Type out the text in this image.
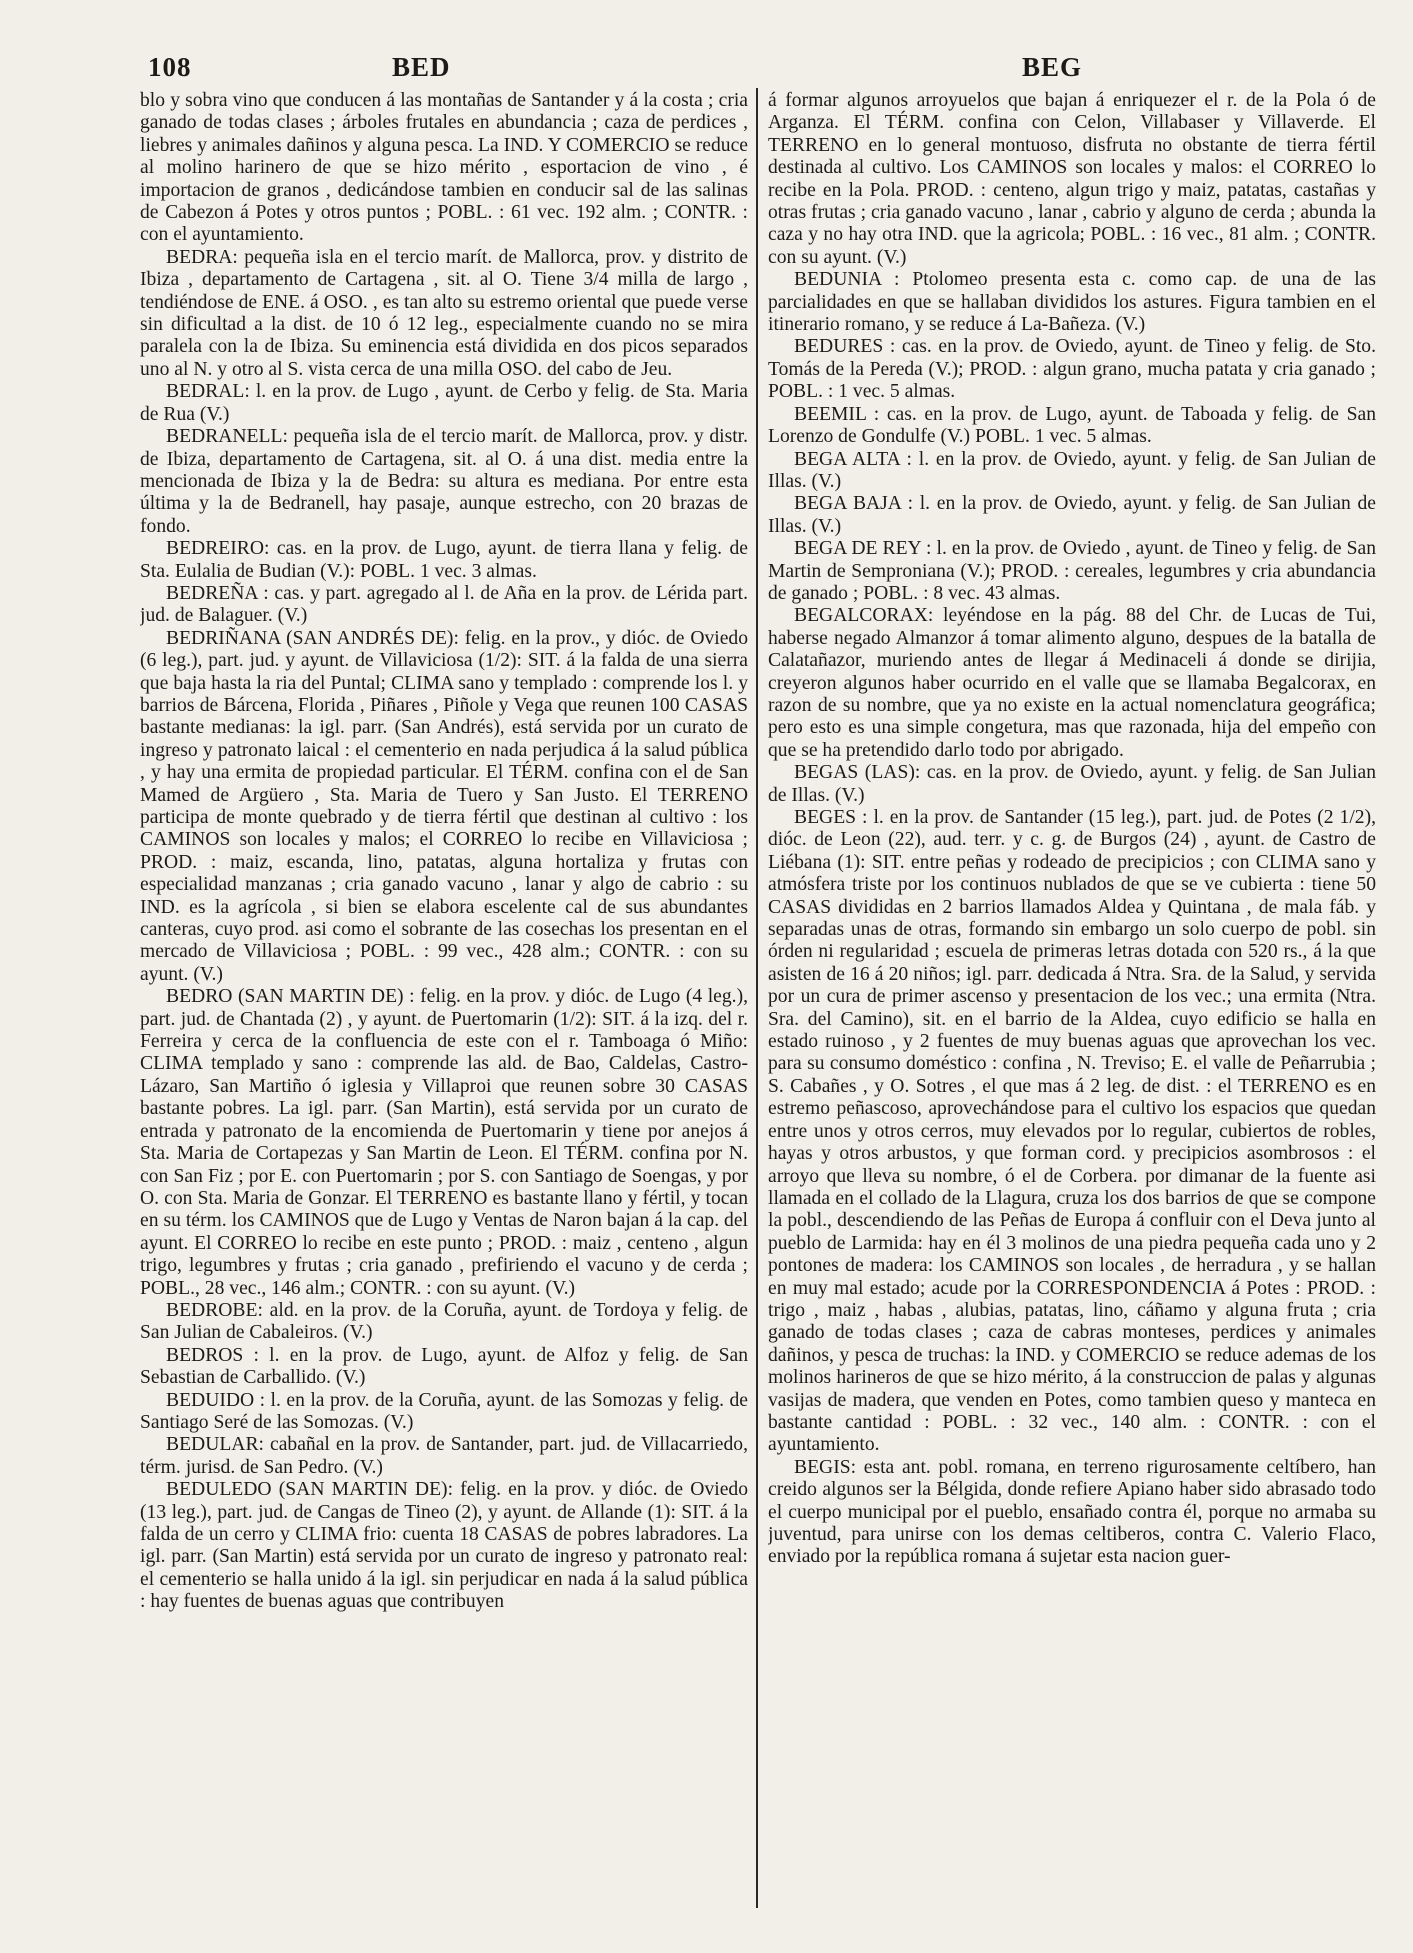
108	BED	BEG

blo y sobra vino que conducen á las montañas de Santander y á la costa ; cria ganado de todas clases ; árboles frutales en abundancia ; caza de perdices , liebres y animales dañinos y alguna pesca. La IND. Y COMERCIO se reduce al molino harinero de que se hizo mérito , esportacion de vino , é importacion de granos , dedicándose tambien en conducir sal de las salinas de Cabezon á Potes y otros puntos ; POBL. : 61 vec. 192 alm. ; CONTR. : con el ayuntamiento.

BEDRA: pequeña isla en el tercio marít. de Mallorca, prov. y distrito de Ibiza , departamento de Cartagena , sit. al O. Tiene 3/4 milla de largo , tendiéndose de ENE. á OSO. , es tan alto su estremo oriental que puede verse sin dificultad a la dist. de 10 ó 12 leg., especialmente cuando no se mira paralela con la de Ibiza. Su eminencia está dividida en dos picos separados uno al N. y otro al S. vista cerca de una milla OSO. del cabo de Jeu.

BEDRAL: l. en la prov. de Lugo , ayunt. de Cerbo y felig. de Sta. Maria de Rua (V.)

BEDRANELL: pequeña isla de el tercio marít. de Mallorca, prov. y distr. de Ibiza, departamento de Cartagena, sit. al O. á una dist. media entre la mencionada de Ibiza y la de Bedra: su altura es mediana. Por entre esta última y la de Bedranell, hay pasaje, aunque estrecho, con 20 brazas de fondo.

BEDREIRO: cas. en la prov. de Lugo, ayunt. de tierra llana y felig. de Sta. Eulalia de Budian (V.): POBL. 1 vec. 3 almas.

BEDREÑA : cas. y part. agregado al l. de Aña en la prov. de Lérida part. jud. de Balaguer. (V.)

BEDRIÑANA (SAN ANDRÉS DE): felig. en la prov., y dióc. de Oviedo (6 leg.), part. jud. y ayunt. de Villaviciosa (1/2): SIT. á la falda de una sierra que baja hasta la ria del Puntal; CLIMA sano y templado : comprende los l. y barrios de Bárcena, Florida , Piñares , Piñole y Vega que reunen 100 CASAS bastante medianas: la igl. parr. (San Andrés), está servida por un curato de ingreso y patronato laical : el cementerio en nada perjudica á la salud pública , y hay una ermita de propiedad particular. El TÉRM. confina con el de San Mamed de Argüero , Sta. Maria de Tuero y San Justo. El TERRENO participa de monte quebrado y de tierra fértil que destinan al cultivo : los CAMINOS son locales y malos; el CORREO lo recibe en Villaviciosa ; PROD. : maiz, escanda, lino, patatas, alguna hortaliza y frutas con especialidad manzanas ; cria ganado vacuno , lanar y algo de cabrio : su IND. es la agrícola , si bien se elabora escelente cal de sus abundantes canteras, cuyo prod. asi como el sobrante de las cosechas los presentan en el mercado de Villaviciosa ; POBL. : 99 vec., 428 alm.; CONTR. : con su ayunt. (V.)

BEDRO (SAN MARTIN DE) : felig. en la prov. y dióc. de Lugo (4 leg.), part. jud. de Chantada (2) , y ayunt. de Puertomarin (1/2): SIT. á la izq. del r. Ferreira y cerca de la confluencia de este con el r. Tamboaga ó Miño: CLIMA templado y sano : comprende las ald. de Bao, Caldelas, Castro-Lázaro, San Martiño ó iglesia y Villaproi que reunen sobre 30 CASAS bastante pobres. La igl. parr. (San Martin), está servida por un curato de entrada y patronato de la encomienda de Puertomarin y tiene por anejos á Sta. Maria de Cortapezas y San Martin de Leon. El TÉRM. confina por N. con San Fiz ; por E. con Puertomarin ; por S. con Santiago de Soengas, y por O. con Sta. Maria de Gonzar. El TERRENO es bastante llano y fértil, y tocan en su térm. los CAMINOS que de Lugo y Ventas de Naron bajan á la cap. del ayunt. El CORREO lo recibe en este punto ; PROD. : maiz , centeno , algun trigo, legumbres y frutas ; cria ganado , prefiriendo el vacuno y de cerda ; POBL., 28 vec., 146 alm.; CONTR. : con su ayunt. (V.)

BEDROBE: ald. en la prov. de la Coruña, ayunt. de Tordoya y felig. de San Julian de Cabaleiros. (V.)

BEDROS : l. en la prov. de Lugo, ayunt. de Alfoz y felig. de San Sebastian de Carballido. (V.)

BEDUIDO : l. en la prov. de la Coruña, ayunt. de las Somozas y felig. de Santiago Seré de las Somozas. (V.)

BEDULAR: cabañal en la prov. de Santander, part. jud. de Villacarriedo, térm. jurisd. de San Pedro. (V.)

BEDULEDO (SAN MARTIN DE): felig. en la prov. y dióc. de Oviedo (13 leg.), part. jud. de Cangas de Tineo (2), y ayunt. de Allande (1): SIT. á la falda de un cerro y CLIMA frio: cuenta 18 CASAS de pobres labradores. La igl. parr. (San Martin) está servida por un curato de ingreso y patronato real: el cementerio se halla unido á la igl. sin perjudicar en nada á la salud pública : hay fuentes de buenas aguas que contribuyen

á formar algunos arroyuelos que bajan á enriquezer el r. de la Pola ó de Arganza. El TÉRM. confina con Celon, Villabaser y Villaverde. El TERRENO en lo general montuoso, disfruta no obstante de tierra fértil destinada al cultivo. Los CAMINOS son locales y malos: el CORREO lo recibe en la Pola. PROD. : centeno, algun trigo y maiz, patatas, castañas y otras frutas ; cria ganado vacuno , lanar , cabrio y alguno de cerda ; abunda la caza y no hay otra IND. que la agricola; POBL. : 16 vec., 81 alm. ; CONTR. con su ayunt. (V.)

BEDUNIA : Ptolomeo presenta esta c. como cap. de una de las parcialidades en que se hallaban divididos los astures. Figura tambien en el itinerario romano, y se reduce á La-Bañeza. (V.)

BEDURES : cas. en la prov. de Oviedo, ayunt. de Tineo y felig. de Sto. Tomás de la Pereda (V.); PROD. : algun grano, mucha patata y cria ganado ; POBL. : 1 vec. 5 almas.

BEEMIL : cas. en la prov. de Lugo, ayunt. de Taboada y felig. de San Lorenzo de Gondulfe (V.) POBL. 1 vec. 5 almas.

BEGA ALTA : l. en la prov. de Oviedo, ayunt. y felig. de San Julian de Illas. (V.)

BEGA BAJA : l. en la prov. de Oviedo, ayunt. y felig. de San Julian de Illas. (V.)

BEGA DE REY : l. en la prov. de Oviedo , ayunt. de Tineo y felig. de San Martin de Semproniana (V.); PROD. : cereales, legumbres y cria abundancia de ganado ; POBL. : 8 vec. 43 almas.

BEGALCORAX: leyéndose en la pág. 88 del Chr. de Lucas de Tui, haberse negado Almanzor á tomar alimento alguno, despues de la batalla de Calatañazor, muriendo antes de llegar á Medinaceli á donde se dirijia, creyeron algunos haber ocurrido en el valle que se llamaba Begalcorax, en razon de su nombre, que ya no existe en la actual nomenclatura geográfica; pero esto es una simple congetura, mas que razonada, hija del empeño con que se ha pretendido darlo todo por abrigado.

BEGAS (LAS): cas. en la prov. de Oviedo, ayunt. y felig. de San Julian de Illas. (V.)

BEGES : l. en la prov. de Santander (15 leg.), part. jud. de Potes (2 1/2), dióc. de Leon (22), aud. terr. y c. g. de Burgos (24) , ayunt. de Castro de Liébana (1): SIT. entre peñas y rodeado de precipicios ; con CLIMA sano y atmósfera triste por los continuos nublados de que se ve cubierta : tiene 50 CASAS divididas en 2 barrios llamados Aldea y Quintana , de mala fáb. y separadas unas de otras, formando sin embargo un solo cuerpo de pobl. sin órden ni regularidad ; escuela de primeras letras dotada con 520 rs., á la que asisten de 16 á 20 niños; igl. parr. dedicada á Ntra. Sra. de la Salud, y servida por un cura de primer ascenso y presentacion de los vec.; una ermita (Ntra. Sra. del Camino), sit. en el barrio de la Aldea, cuyo edificio se halla en estado ruinoso , y 2 fuentes de muy buenas aguas que aprovechan los vec. para su consumo doméstico : confina , N. Treviso; E. el valle de Peñarrubia ; S. Cabañes , y O. Sotres , el que mas á 2 leg. de dist. : el TERRENO es en estremo peñascoso, aprovechándose para el cultivo los espacios que quedan entre unos y otros cerros, muy elevados por lo regular, cubiertos de robles, hayas y otros arbustos, y que forman cord. y precipicios asombrosos : el arroyo que lleva su nombre, ó el de Corbera. por dimanar de la fuente asi llamada en el collado de la Llagura, cruza los dos barrios de que se compone la pobl., descendiendo de las Peñas de Europa á confluir con el Deva junto al pueblo de Larmida: hay en él 3 molinos de una piedra pequeña cada uno y 2 pontones de madera: los CAMINOS son locales , de herradura , y se hallan en muy mal estado; acude por la CORRESPONDENCIA á Potes : PROD. : trigo , maiz , habas , alubias, patatas, lino, cáñamo y alguna fruta ; cria ganado de todas clases ; caza de cabras monteses, perdices y animales dañinos, y pesca de truchas: la IND. y COMERCIO se reduce ademas de los molinos harineros de que se hizo mérito, á la construccion de palas y algunas vasijas de madera, que venden en Potes, como tambien queso y manteca en bastante cantidad : POBL. : 32 vec., 140 alm. : CONTR. : con el ayuntamiento.

BEGIS: esta ant. pobl. romana, en terreno rigurosamente celtíbero, han creido algunos ser la Bélgida, donde refiere Apiano haber sido abrasado todo el cuerpo municipal por el pueblo, ensañado contra él, porque no armaba su juventud, para unirse con los demas celtiberos, contra C. Valerio Flaco, enviado por la república romana á sujetar esta nacion guer-
